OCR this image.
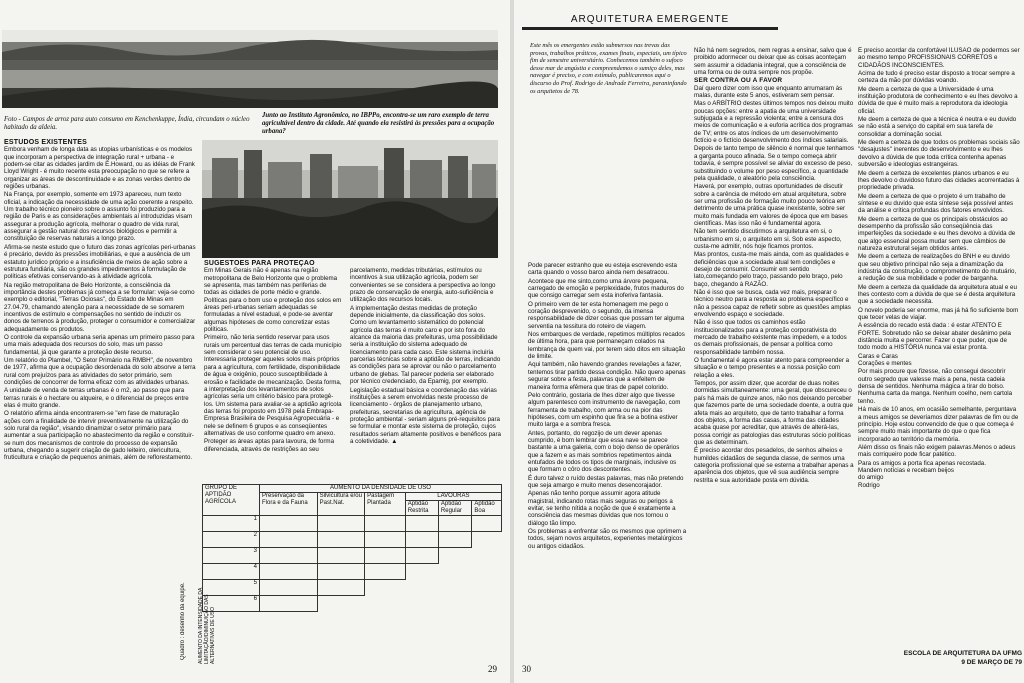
Foto - Campos de arroz para auto consumo em Kenchenkuppe, Índia, circundam o núcleo habitado da aldeia.
Junto ao Instituto Agronômico, no IBPPo, encontra-se um raro exemplo de terra agricultável dentro da cidade. Até quando ela resistirá às pressões para a ocupação urbana?
ESTUDOS EXISTENTES

Embora venham de longa data as utopias urbanísticas e os modelos que incorporam a perspectiva de integração rural + urbana - e podem-se citar as cidades jardim de E.Howard, ou as idéias de Frank Lloyd Wright - é muito recente esta preocupação no que se refere a organizar as áreas de descontinuidade e as zonas verdes dentro de regiões urbanas.

Na França, por exemplo, somente em 1973 apareceu, num texto oficial, a indicação da necessidade de uma ação coerente a respeito. Um trabalho técnico pioneiro sobre o assunto foi produzido para a região de Paris e as considerações ambientais aí introduzidas visam assegurar a produção agrícola, melhorar o quadro de vida rural, assegurar a gestão natural dos recursos biológicos e permitir a constituição de reservas naturais a longo prazo.

Afirma-se neste estudo que o futuro das zonas agrícolas peri-urbanas é precário, devido às pressões imobiliárias, e que a ausência de um estatuto jurídico próprio e a insuficiência de meios de ação sobre a estrutura fundiária, são os grandes impedimentos à formulação de políticas efetivas conservando-as à atividade agrícola.

Na região metropolitana de Belo Horizonte, a consciência da importância destes problemas já começa a se formular: veja-se como exemplo o editorial, "Terras Ociosas", do Estado de Minas em 27.04.79, chamando atenção para a necessidade de se somarem incentivos de estímulo e compensações no sentido de induzir os donos de terrenos à produção, proteger o consumidor e comercializar adequadamente os produtos.

O controle da expansão urbana seria apenas um primeiro passo para uma mais adequada dos recursos do solo, mas um passo fundamental, já que garante a proteção deste recurso.

Um relatório do Plambel, "O Setor Primário na RMBH", de novembro de 1977, afirma que a ocupação desordenada do solo absorve a terra rural com prejuízos para as atividades do setor primário, sem condições de concorrer de forma eficaz com as atividades urbanas.

A unidade de venda de terras urbanas é o m2, ao passo que para terras rurais é o hectare ou alqueire, e o diferencial de preços entre elas é muito grande.

O relatório afirma ainda encontrarem-se "em fase de maturação ações com a finalidade de intervir preventivamente na utilização do solo rural da região", visando dinamizar o setor primário para aumentar a sua participação no abastecimento da região e constituir-se num dos mecanismos de controle do processo de expansão urbana, chegando a sugerir criação de gado leiteiro, olericultura, fruticultura e criação de pequenos animais, além de reflorestamento.

SUGESTÕES PARA PROTEÇÃO

Em Minas Gerais não é apenas na região metropolitana de Belo Horizonte que o problema se apresenta, mas também nas periferias de todas as cidades de porte médio e grande. Políticas para o bom uso e proteção dos solos em áreas peri-urbanas seriam adequadas se formuladas a nível estadual, e pode-se aventar algumas hipóteses de como concretizar estas políticas.

Primeiro, não teria sentido reservar para usos rurais um percentual das terras de cada município sem considerar o seu potencial de uso. Interessaria proteger aqueles solos mais próprios para a agricultura, com fertilidade, disponibilidade de água e oxigênio, pouco susceptibilidade à erosão e facilidade de mecanização. Desta forma, a interpretação dos levantamentos de solos agrícolas seria um critério básico para protegê-los. Um sistema para avaliar-se a aptidão agrícola das terras foi proposto em 1978 pela Embrapa-Empresa Brasileira de Pesquisa Agropecuária - e nele se definem 6 grupos e as conseqüentes alternativas de uso conforme quadro em anexo.

Proteger as áreas aptas para lavoura, de forma diferenciada, através de restrições ao seu

parcelamento, medidas tributárias, estímulos ou incentivos à sua utilização agrícola, podem ser convenientes se se considera a perspectiva ao longo prazo de conservação de energia, auto-suficiência e utilização dos recursos locais.

A implementação destas medidas de proteção depende inicialmente, da classificação dos solos. Como um levantamento sistemático do potencial agrícola das terras é muito caro e por isto fora do alcance da maioria das prefeituras, uma possibilidade seria a instituição do sistema adequado de licenciamento para cada caso. Este sistema incluiria parcerias técnicas sobre a aptidão de terras, indicando as condições para se aprovar ou não o parcelamento urbano de glebas. Tal parecer poderia ser elaborado por técnico credenciado, da Epamig, por exemplo.

Legislação estadual básica e coordenação das várias instituições a serem envolvidas neste processo de licenciamento - órgãos de planejamento urbano, prefeituras, secretarias de agricultura, agência de proteção ambiental - seriam alguns pré-requisitos para se formular e montar este sistema de proteção, cujos resultados seriam altamente positivos e benéficos para a coletividade. ▲

Quadro : desenho da equipe.
GRUPO DE APTIDÃO AGRÍCOLA	AUMENTO DA DENSIDADE DE USO					
	Preservação da Flora e da Fauna	Silvicultura e/ou Past.Nat.	Pastagem Plantada	LAVOURAS		
				Aptidão Restrita	Aptidão Regular	Aptidão Boa
1						
2						
3						
4						
5						
6						
AUMENTO DA INTENSIDADE DA LIMITAÇÃO/DIMINUIÇÃO DAS ALTERNATIVAS DE USO
29
ARQUITETURA EMERGENTE
Este mês os emergentes estão submersos nas trevas das provas, trabalhos práticos, exames finais, especiais, um típico fim de semestre universitário. Conhecemos também o sufoco desse mar de angústia e compreendemos o sumiço deles, mas navegar é preciso, e com estímulo, publicaremos aqui o discurso do Prof. Rodrigo de Andrade Ferreira, paraninfando os arquitetos de 78.

Pode parecer estranho que eu esteja escrevendo esta carta quando o vosso barco ainda nem desatracou.

Acontece que me sinto,como uma árvore pequena, carregado de emoção e perplexidade, frutos maduros do que consigo carregar sem esta inoferiva fantasia.

O primeiro vem de ter esta homenagem me pego o coração desprevenido, o segundo, da imensa responsabilidade de dizer coisas que possam ter alguma serventia na tessitura do roteiro de viagem.

Nos embarques de verdade, repetimos múltiplos recados de última hora, para que permaneçam colados na lembrança de quem vai, por terem sido ditos em situação de limite.

Aqui também, não havendo grandes revelações a fazer, tentemos tirar partido dessa condição. Não quero apenas segurar sobre a festa, palavras que a enfeitem de maneira forma efêmera que tiras de papel colorido.

Pelo contrário, gostaria de lhes dizer algo que tivesse algum parentesco com instrumento de navegação, com ferramenta de trabalho, com arma ou na pior das hipóteses, com um espinho que fira se a botina estiver muito larga e a sombra fresca.

Antes, portanto, do regozijo de um dever apenas cumprido, é bom lembrar que essa nave se parece bastante a uma galeria, com o bojo denso de operários que a fazem e as mais sombrios repetimentos ainda entufados de todos os tipos de marginais, inclusive os que formam o côro dos descontentes.

É duro talvez o ruído destas palavras, mas não pretendo que seja amargo e muito menos desencorajador.

Apenas não tenho porque assumir agora atitude magistral, indicando rotas mais seguras ou perigos a evitar, se tenho nítida a noção de que é exatamente a consciência das mesmas dúvidas que nos tornou o diálogo tão limpo.

Os problemas a enfrentar são os mesmos que oprimem a todos, sejam novos arquitetos, experientes metalúrgicos ou antigos cidadãos.

Não há nem segredos, nem regras a ensinar, salvo que é proibido adormecer ou deixar que as coisas aconteçam sem assumir a cidadania integral, que a consciência de uma forma ou de outra sempre nos propõe.

SER CONTRA OU A FAVOR

Daí quero dizer com isso que enquanto arrumaram às malas, durante este 5 anos, estiveram sem pensar.

Mas o ARBÍTRIO destes últimos tempos nos deixou muito poucas opções: entre a apatia de uma universidade subjugada e a repressão violenta; entre a censura dos meios de comunicação e a euforia acrítica dos programas de TV; entre os atos índices de um desenvolvimento fictício e o fictício desenvolvimento dos índices salariais.

Depois de tanto tempo de silêncio é normal que tenhamos a garganta pouco afinada. Se o tempo começa abrir todavia, é sempre possível se aliviar do excesso de peso, substituindo o volume por peso específico, a quantidade pela qualidade, o aleatório pela consciência.

Haverá, por exemplo, outras oportunidades de discutir sobre a carência de método em atual arquitetura, sobre ser uma profissão de formação muito pouco teórica em detrimento de uma prática quase inexistente, sobre ser muito mais fundada em valores de época que em bases científicas. Mas isso não é fundamental agora.

Não tem sentido discutirmos a arquitetura em si, o urbanismo em si, o arquiteto em si. Sob este aspecto, custa-me admitir, nós hoje ficamos prontos.

Mas prontos, custa-me mais ainda, com as qualidades e deficiências que a sociedade atual tem condições e desejo de consumir. Consumir em sentido lato,começando pelo traço, passando pelo braço, pelo baço, chegando à RAZÃO.

Não é isso que se busca, cada vez mais, preparar o técnico neutro para a resposta ao problema específico e não a pessoa capaz de refletir sobre as questões amplas envolvendo espaço e sociedade.

Não é isso que todos os caminhos estão institucionalizados para a proteção corporativista do mercado de trabalho existente mas impedem, e a todos os demais profissionais, de pensar a política como responsabilidade também nossa.

O fundamental é agora estar atento para compreender a situação e o tempo presentes e a nossa posição com relação a eles.

Tempos, por assim dizer, que acordar de duas noites dormidas simultaneamente: uma geral, que obscureceu o país há mais de quinze anos, não nos deixando perceber que fazemos parte de uma sociedade doente, a outra que afeta mais ao arquiteto, que de tanto trabalhar a forma dos objetos, a forma das casas, a forma das cidades acaba quase por acreditar, que através de alterá-las, possa corrigir as patologias das estruturas sócio políticas que as determinam.

É preciso acordar dos pesadelos, de senhos alheios e humildes cidadãos de segunda classe, de sermos uma categoria profissional que se esterna a trabalhar apenas a aparência dos objetos, que vê sua audiência sempre restrita e sua autoridade posta em dúvida.

É preciso acordar da confortável ILUSÃO de podermos ser ao mesmo tempo PROFISSIONAIS CORRETOS e CIDADÃOS INCONSCIENTES.

Acima de tudo é preciso estar disposto a trocar sempre a certeza da mão por dúvidas voando.

Me deem a certeza de que a Universidade é uma instituição produtora de conhecimento e eu lhes devolvo a dúvida de que é muito mais a reprodutora da ideologia oficial.

Me deem a certeza de que a técnica é neutra e eu duvido se não está a serviço do capital em sua tarefa de consolidar a dominação social.

Me deem a certeza de que todos os problemas sociais são "desajustes" inerentes do desenvolvimento e eu lhes devolvo a dúvida de que toda crítica contenha apenas subversão e ideologias estrangeiras.

Me deem a certeza de excelentes planos urbanos e eu lhes devolvo o duvidoso futuro das cidades acorrentadas à propriedade privada.

Me deem a certeza de que o projeto é um trabalho de síntese e eu duvido que esta síntese seja possível antes da análise e crítica profundas dos fatores envolvidos.

Me deem a certeza de que os principais obstáculos ao desempenho da profissão são conseqüência das imperfeições da sociedade e eu lhes devolvo a dúvida de que algo essencial possa mudar sem que câmbios de natureza estrutural sejam obtidos antes.

Me deem a certeza de realizações do BNH e eu duvido que seu objetivo principal não seja a dinamização da indústria da construção, o comprometimento do mutuário, a redução de sua mobilidade e poder de barganha.

Me deem a certeza da qualidade da arquitetura atual e eu lhes contesto com a dúvida de que se é desta arquitetura que a sociedade necessita.

O novelo poderia ser enorme, mas já há fio suficiente bom que tecer velas de viajar.

A essência do recado está dada : é estar ATENTO E FORTE. Sobretudo não se deixar abater desânimo pela distância muita e percorrer. Fazer o que puder, que de todo modo a HISTÓRIA nunca vai estar pronta.

Caras e Caras

Corações e mentes

Por mais procure que fizesse, não consegui descobrir outro segredo que valesse mais a pena, nesta cadeia densa de sentidos. Nenhuma mágica a tirar do bolso. Nenhuma carta da manga. Nenhum coelho, nem cartola tenho.

Há mais de 10 anos, em ocasião semelhante, perguntava a meus amigos se deveríamos dizer palavras de fim ou de princípio. Hoje estou convencido de que o que começa é sempre muito mais importante do que o que fica incorporado ao território da memória.

Além disso os finais não exigem palavras.Menos o adeus mais corriqueiro pode ficar patético.

Para os amigos a porta fica apenas recostada.

Mandem notícias e recebam beijos

do amigo

Rodrigo

ESCOLA DE ARQUITETURA DA UFMG
9 DE MARÇO DE 79
30
